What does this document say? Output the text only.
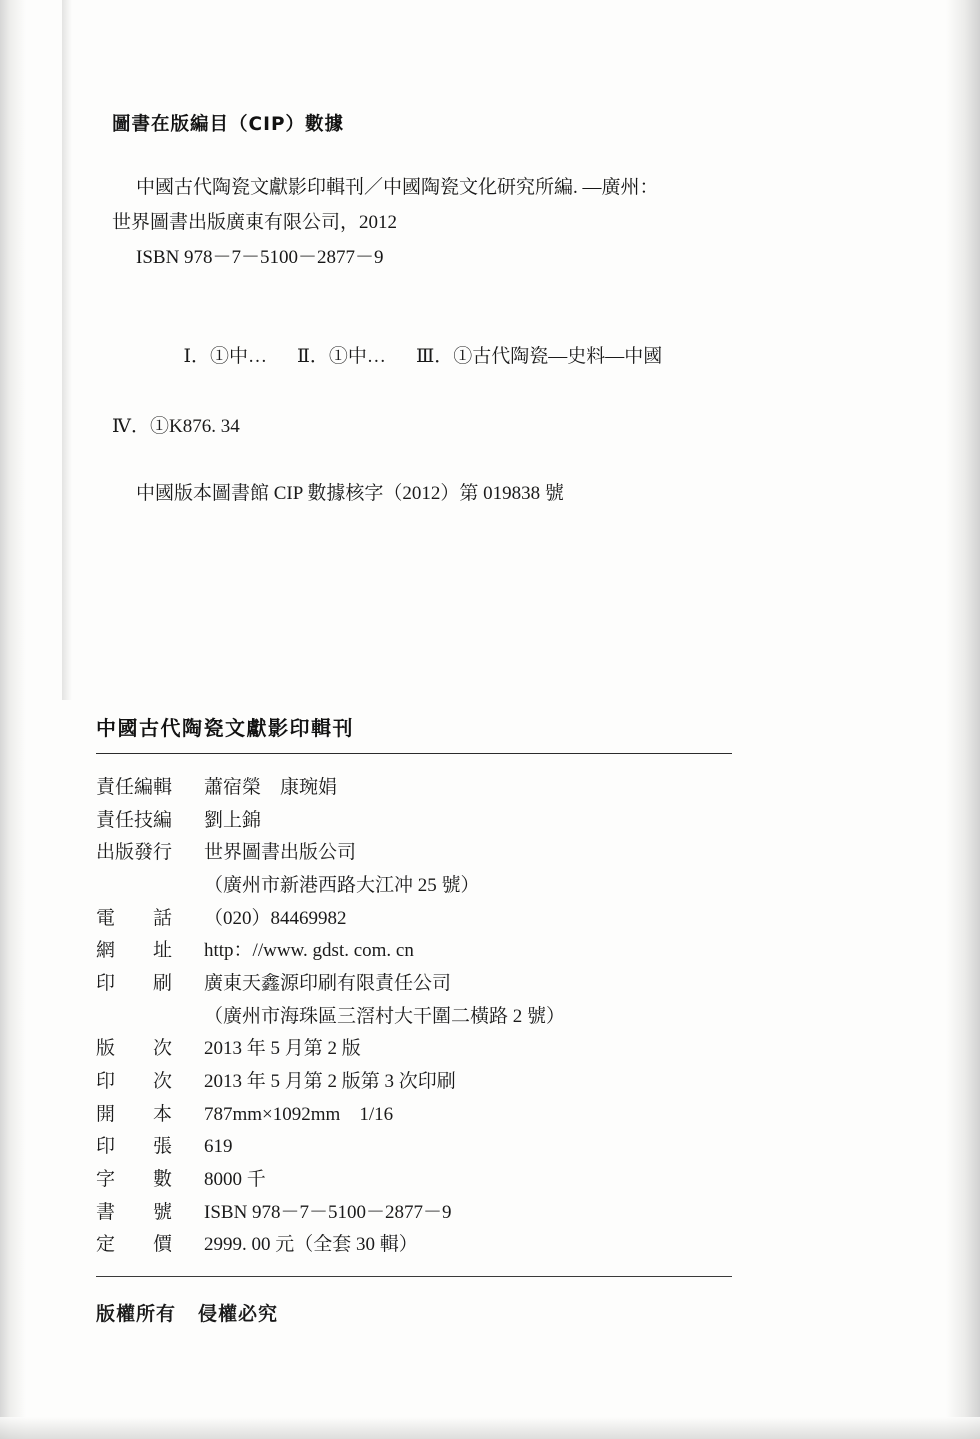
圖書在版編目（CIP）數據
中國古代陶瓷文獻影印輯刊／中國陶瓷文化研究所編. —廣州：
世界圖書出版廣東有限公司，2012
ISBN 978－7－5100－2877－9

Ⅰ．①中… Ⅱ．①中… Ⅲ．①古代陶瓷—史料—中國

Ⅳ．①K876. 34
中國版本圖書館 CIP 數據核字（2012）第 019838 號
中國古代陶瓷文獻影印輯刊
責任編輯	蕭宿榮　康琬娟
責任技編	劉上錦
出版發行	世界圖書出版公司
（廣州市新港西路大江冲 25 號）
電　　話	（020）84469982
網　　址	http：//www. gdst. com. cn
印　　刷	廣東天鑫源印刷有限責任公司
（廣州市海珠區三滘村大干圍二橫路 2 號）
版　　次	2013 年 5 月第 2 版
印　　次	2013 年 5 月第 2 版第 3 次印刷
開　　本	787mm×1092mm　1/16
印　　張	619
字　　數	8000 千
書　　號	ISBN 978－7－5100－2877－9
定　　價	2999. 00 元（全套 30 輯）
版權所有 侵權必究
